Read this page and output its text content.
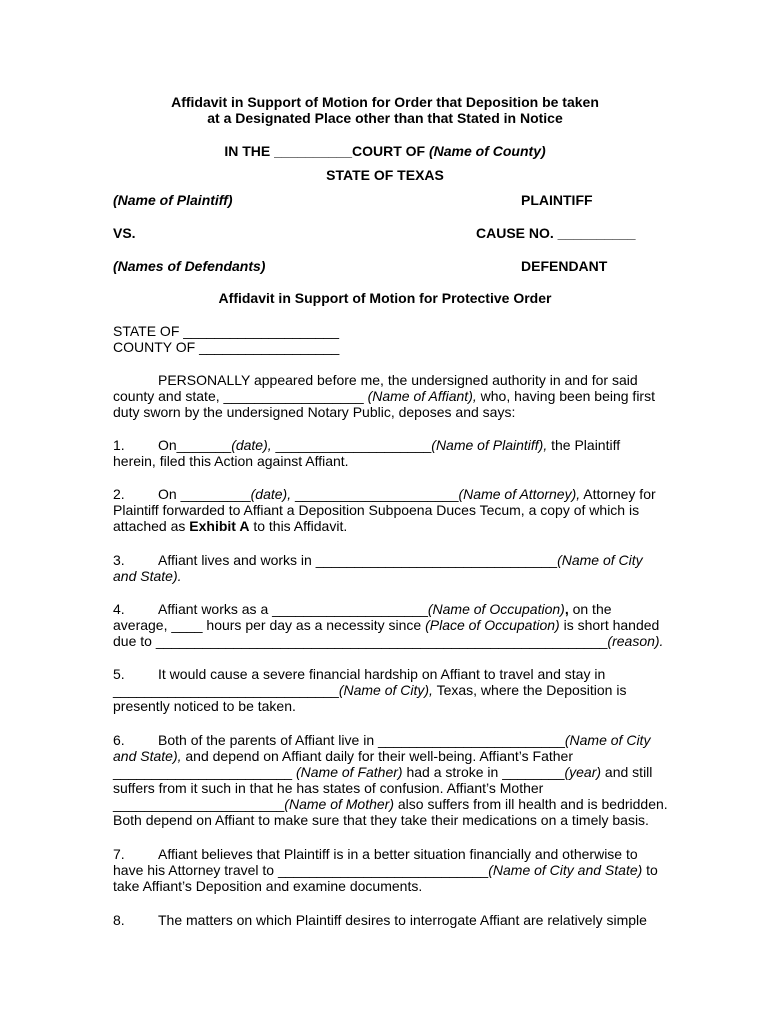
Affidavit in Support of Motion for Order that Deposition be taken
at a Designated Place other than that Stated in Notice
IN THE __________COURT OF (Name of County)
STATE OF TEXAS
(Name of Plaintiff)	PLAINTIFF
VS.	CAUSE NO. __________
(Names of Defendants)	DEFENDANT
Affidavit in Support of Motion for Protective Order
STATE OF ____________________
COUNTY OF __________________
PERSONALLY appeared before me, the undersigned authority in and for said
county and state, __________________ (Name of Affiant), who, having been being first
duty sworn by the undersigned Notary Public, deposes and says:
1. On_______(date), ____________________(Name of Plaintiff), the Plaintiff
herein, filed this Action against Affiant.
2. On _________(date), _____________________(Name of Attorney), Attorney for
Plaintiff forwarded to Affiant a Deposition Subpoena Duces Tecum, a copy of which is
attached as Exhibit A to this Affidavit.
3. Affiant lives and works in _______________________________(Name of City
and State).
4. Affiant works as a ____________________(Name of Occupation), on the
average, ____ hours per day as a necessity since (Place of Occupation) is short handed
due to __________________________________________________________(reason).
5. It would cause a severe financial hardship on Affiant to travel and stay in
_____________________________(Name of City), Texas, where the Deposition is
presently noticed to be taken.
6. Both of the parents of Affiant live in ________________________(Name of City
and State), and depend on Affiant daily for their well-being. Affiant’s Father
_______________________ (Name of Father) had a stroke in ________(year) and still
suffers from it such in that he has states of confusion. Affiant’s Mother
______________________(Name of Mother) also suffers from ill health and is bedridden.
Both depend on Affiant to make sure that they take their medications on a timely basis.
7. Affiant believes that Plaintiff is in a better situation financially and otherwise to
have his Attorney travel to ___________________________(Name of City and State) to
take Affiant’s Deposition and examine documents.
8. The matters on which Plaintiff desires to interrogate Affiant are relatively simple
